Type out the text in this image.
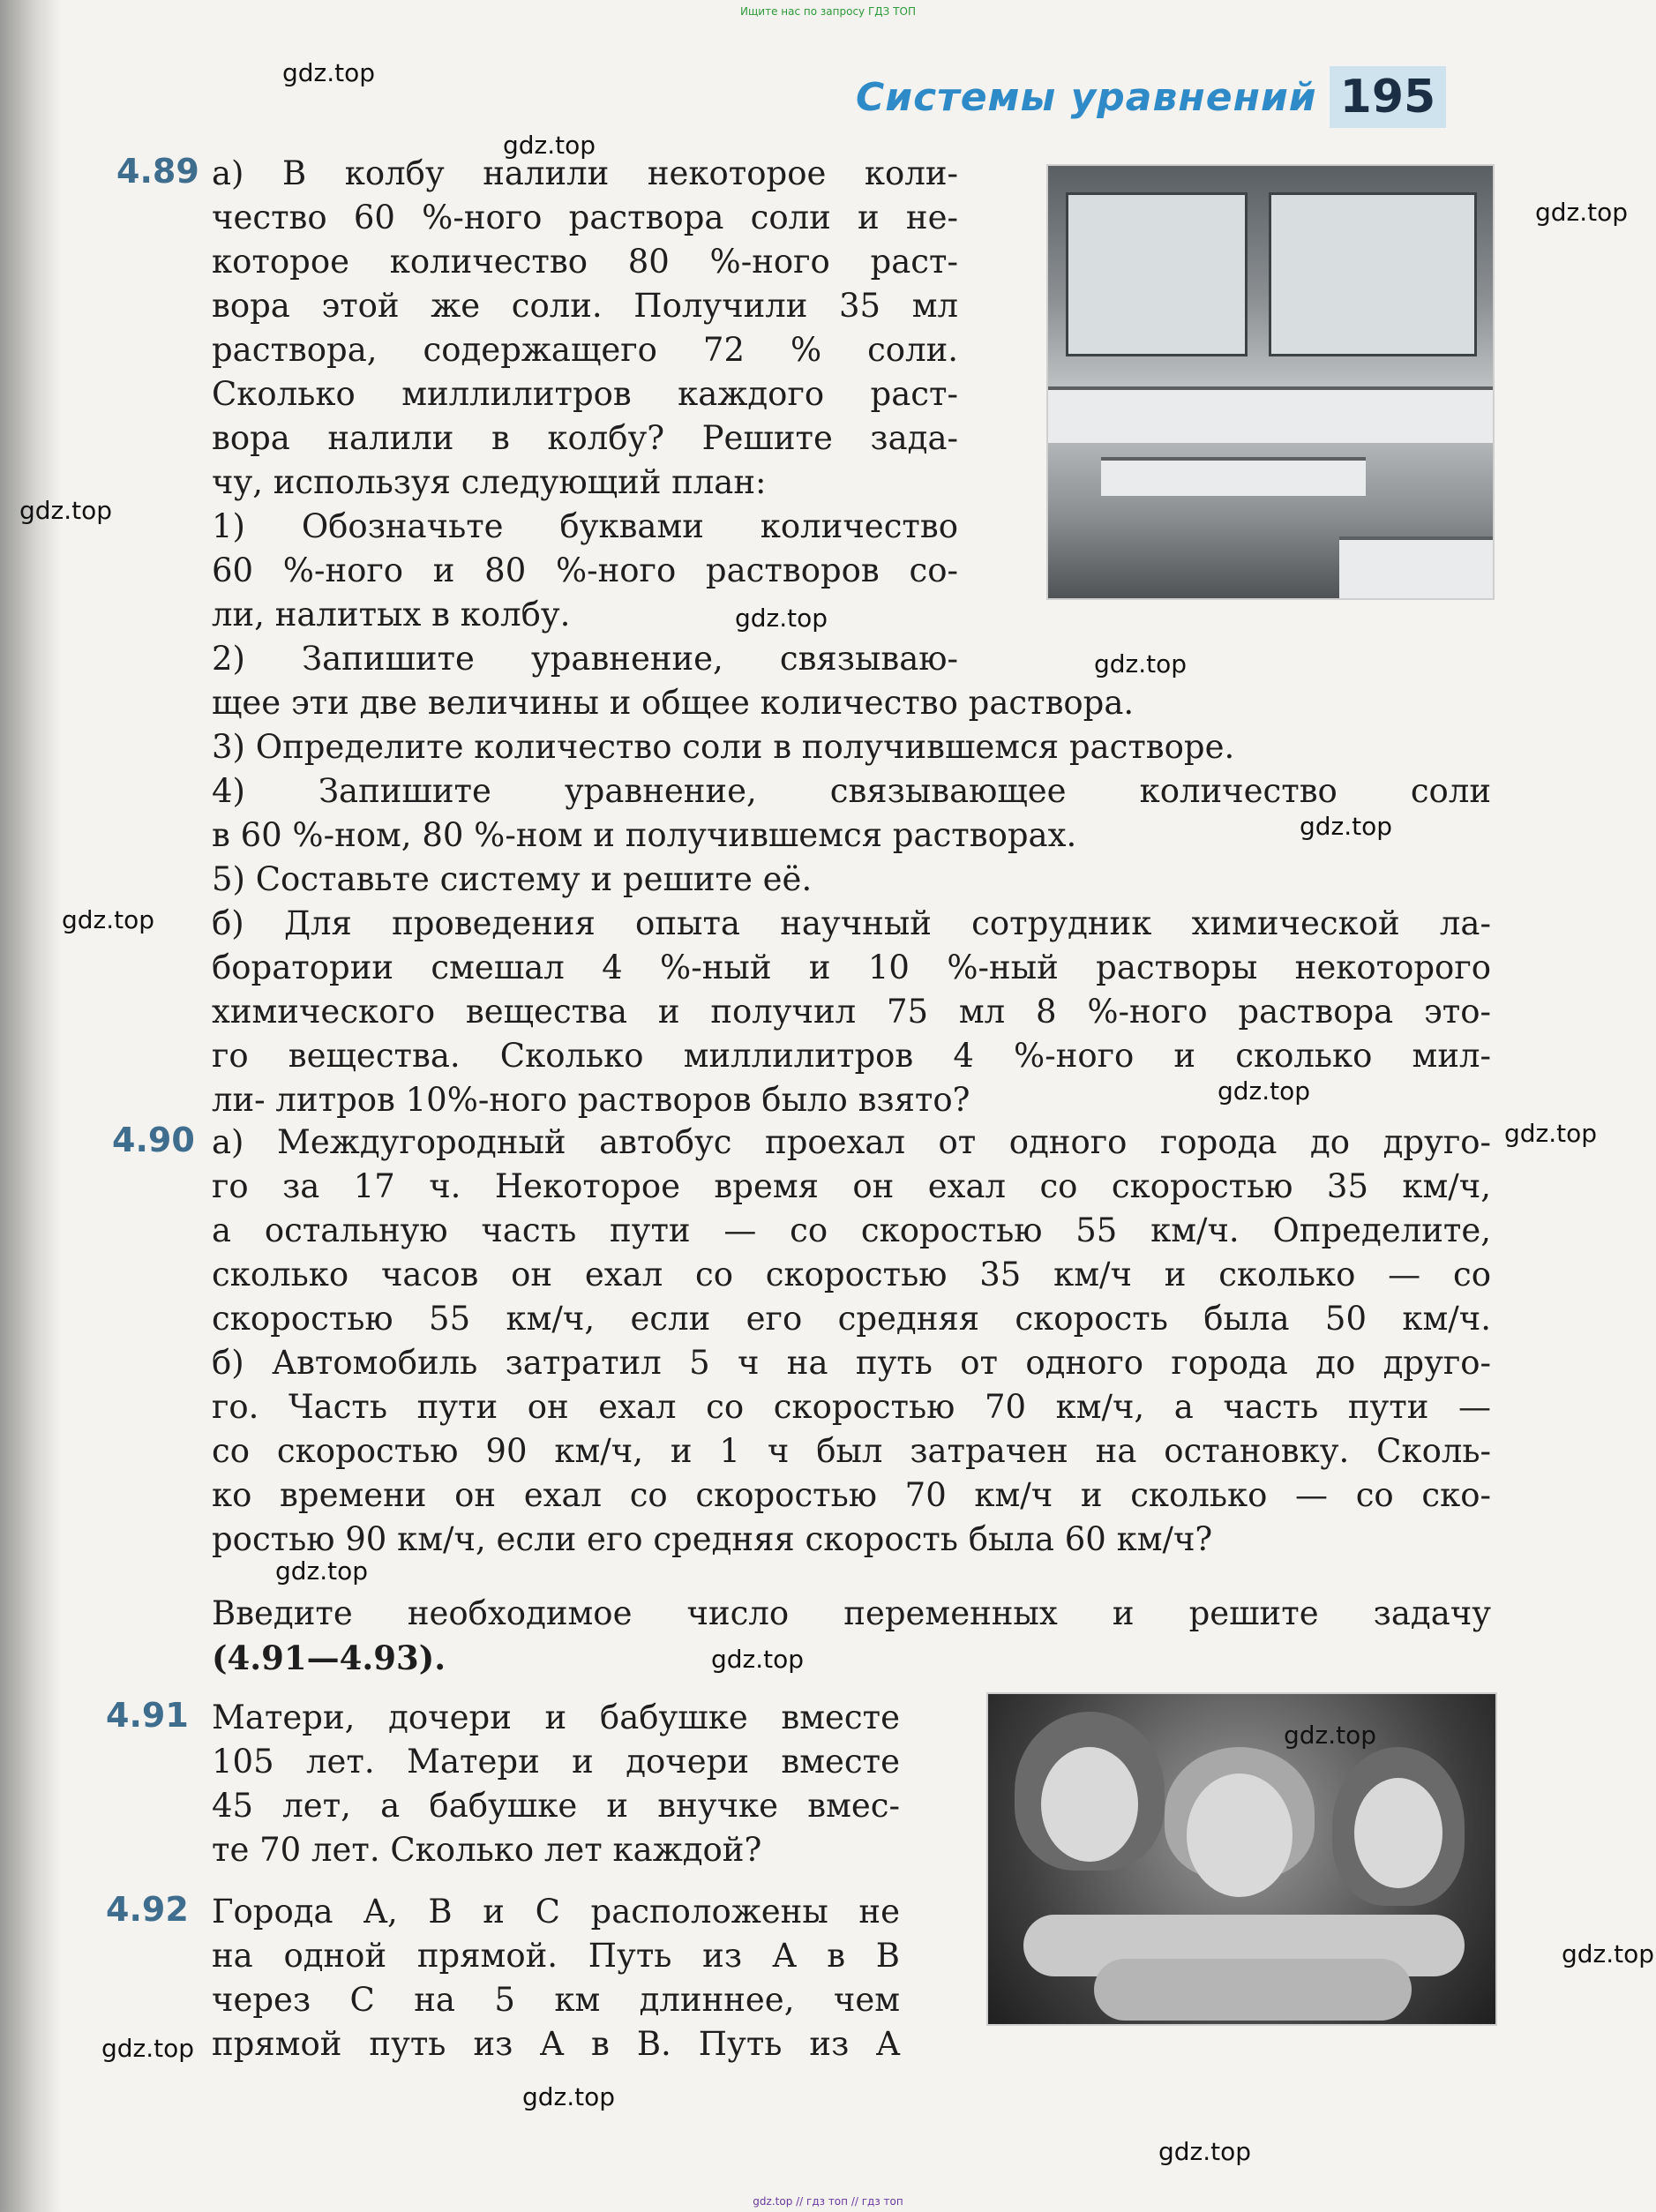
Ищите нас по запросу ГДЗ ТОП
Системы уравнений 195
4.89
4.90
4.91
4.92
а) В колбу налили некоторое коли-
чество 60 %-ного раствора соли и не-
которое количество 80 %-ного раст-
вора этой же соли. Получили 35 мл
раствора, содержащего 72 % соли.
Сколько миллилитров каждого раст-
вора налили в колбу? Решите зада-
чу, используя следующий план:
1) Обозначьте буквами количество
60 %-ного и 80 %-ного растворов со-
ли, налитых в колбу.
2) Запишите уравнение, связываю-
щее эти две величины и общее количество раствора.
3) Определите количество соли в получившемся растворе.
4) Запишите уравнение, связывающее количество соли
в 60 %-ном, 80 %-ном и получившемся растворах.
5) Составьте систему и решите её.
б) Для проведения опыта научный сотрудник химической ла-
боратории смешал 4 %-ный и 10 %-ный растворы некоторого
химического вещества и получил 75 мл 8 %-ного раствора это-
го вещества. Сколько миллилитров 4 %-ного и сколько мил-
ли- литров 10%-ного растворов было взято?
а) Междугородный автобус проехал от одного города до друго-
го за 17 ч. Некоторое время он ехал со скоростью 35 км/ч,
а остальную часть пути — со скоростью 55 км/ч. Определите,
сколько часов он ехал со скоростью 35 км/ч и сколько — со
скоростью 55 км/ч, если его средняя скорость была 50 км/ч.
б) Автомобиль затратил 5 ч на путь от одного города до друго-
го. Часть пути он ехал со скоростью 70 км/ч, а часть пути —
со скоростью 90 км/ч, и 1 ч был затрачен на остановку. Сколь-
ко времени он ехал со скоростью 70 км/ч и сколько — со ско-
ростью 90 км/ч, если его средняя скорость была 60 км/ч?
Введите необходимое число переменных и решите задачу
(4.91—4.93).
Матери, дочери и бабушке вместе
105 лет. Матери и дочери вместе
45 лет, а бабушке и внучке вмес-
те 70 лет. Сколько лет каждой?
Города A, B и C расположены не
на одной прямой. Путь из A в B
через C на 5 км длиннее, чем
прямой путь из A в B. Путь из A
gdz.top
gdz.top
gdz.top
gdz.top
gdz.top
gdz.top
gdz.top
gdz.top
gdz.top
gdz.top
gdz.top
gdz.top
gdz.top
gdz.top
gdz.top
gdz.top
gdz.top
gdz.top // гдз топ // гдз топ
